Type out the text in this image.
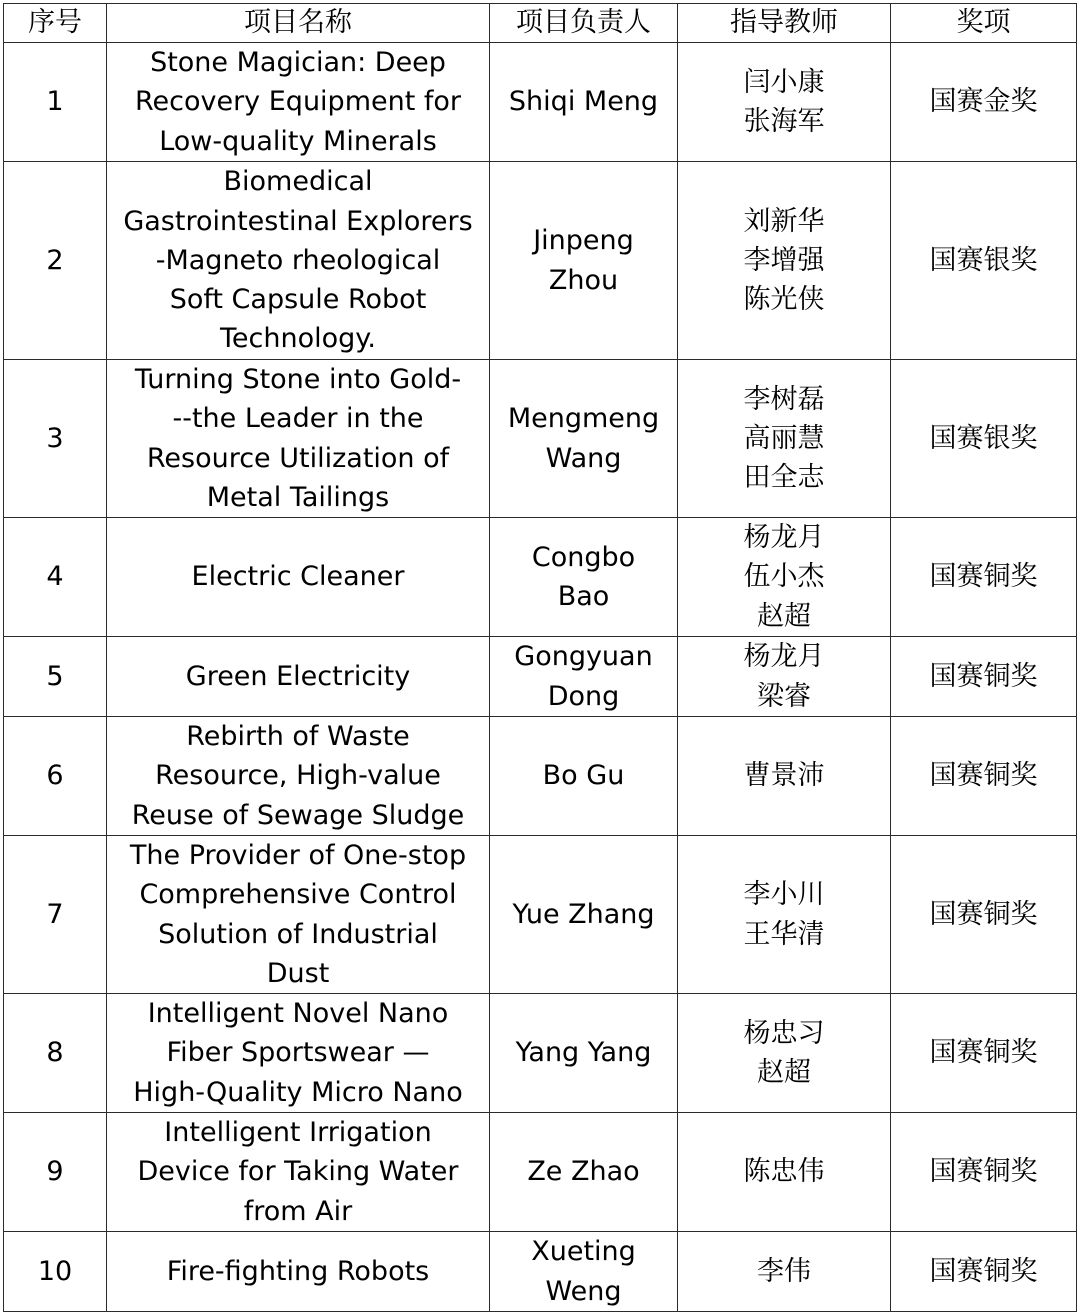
序号	项目名称	项目负责人	指导教师	奖项
1	Stone Magician: Deep
Recovery Equipment for
Low-quality Minerals	Shiqi Meng	闫小康
张海军	国赛金奖
2	Biomedical
Gastrointestinal Explorers
-Magneto rheological
Soft Capsule Robot
Technology.	Jinpeng
Zhou	刘新华
李增强
陈光侠	国赛银奖
3	Turning Stone into Gold-
--the Leader in the
Resource Utilization of
Metal Tailings	Mengmeng
Wang	李树磊
高丽慧
田全志	国赛银奖
4	Electric Cleaner	Congbo
Bao	杨龙月
伍小杰
赵超	国赛铜奖
5	Green Electricity	Gongyuan
Dong	杨龙月
梁睿	国赛铜奖
6	Rebirth of Waste
Resource, High-value
Reuse of Sewage Sludge	Bo Gu	曹景沛	国赛铜奖
7	The Provider of One-stop
Comprehensive Control
Solution of Industrial
Dust	Yue Zhang	李小川
王华清	国赛铜奖
8	Intelligent Novel Nano
Fiber Sportswear —
High-Quality Micro Nano	Yang Yang	杨忠习
赵超	国赛铜奖
9	Intelligent Irrigation
Device for Taking Water
from Air	Ze Zhao	陈忠伟	国赛铜奖
10	Fire-fighting Robots	Xueting
Weng	李伟	国赛铜奖
